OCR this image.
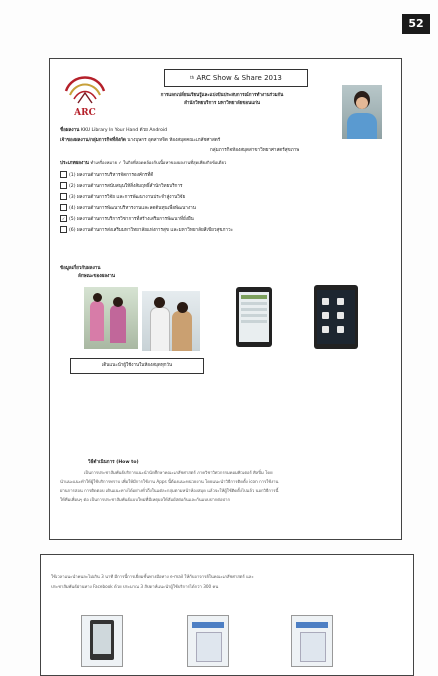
52
ARC
$^{th}$ ARC Show & Share 2013
การแลกเปลี่ยนเรียนรู้และแบ่งปันประสบการณ์การทำงานร่วมกัน
สำนักวิทยบริการ มหาวิทยาลัยขอนแก่น
ชื่อผลงาน KKU Library In Your Hand ด้วย Android
เจ้าของผลงาน/กลุ่มการกิจที่สังกัด นางบุษกร อุตสาหจิต ห้องสมุดคณะเภสัชศาสตร์
กลุ่มภารกิจห้องสมุดสาขาวิทยาศาสตร์สุขภาพ
ประเภทผลงาน ทำเครื่องหมาย ✓ ในกิจที่สอดคล้องกับเนื้อหาของผลงานที่สุดเพียงกิจข้อเดียว
(1) ผลงานด้านการบริหารจัดการองค์กรที่ดี
(2) ผลงานด้านการสนับสนุนให้สิ่งสัมฤทธิ์สำนักวิทยบริการ
(3) ผลงานด้านการวิจัย และการพัฒนางานประจำสู่งานวิจัย
(4) ผลงานด้านการพัฒนาบริหารงานและลดต้นทุนเพื่อพัฒนางาน
✓ (5) ผลงานด้านการบริการวิชาการที่สร้างเสริมการพัฒนาที่ยั่งยืน
(6) ผลงานด้านการส่งเสริมมหาวิทยาลัยแห่งการสุข และมหาวิทยาลัยสีเขียวสุขภาวะ
ข้อมูลเกี่ยวกับผลงาน
ลักษณะของผลงาน
เดินแนะนำผู้ใช้งานในห้องสมุดทุกวัน
วิธีดำเนินการ (How to)
เป็นการประชาสัมพันธ์บริการแนะนำนักศึกษาคณะเภสัชศาสตร์ ภาควิชาวิศวกรรมคอมพิวเตอร์ ศิลปิ์ม โดย
นำแนะแนะทำให้ผู้ใช้บริการทราบ เพื่อให้มีการใช้งาน Apps นี้ต้องแนะหน่วยงาน โดยแนะนำวิธีการติดตั้ง icon การใช้งาน
ผ่านการสอน การติดตอบ เดินแนะทางได้อย่างทั่วถึงในแต่ละกลุ่มตามหน้าห้องสมุด แล้วจะให้ผู้ใช้ติดตั้งไปแล้ว นอกวิธีการนี้
ให้ทีมเพื่อนๆ ต่อ เป็นการประชาสัมพันธ์แบบใหม่ที่มีเหตุผลให้สัมผัสต่อกันและกันแบบปากต่อปาก
ใช้เวลาแนะนำคนละไม่เกิน 3 นาที มีการนี้การเยี่ยมชั้นทางมือทาง e-mail ให้กับอาจารย์ในคณะเภสัชศาสตร์ และ
ประชาสัมพันธ์ผ่านทาง Facebook ด้วย ประมาณ 3 สัปดาห์แนะนำผู้ใช้บริการได้กว่า 300 คน
